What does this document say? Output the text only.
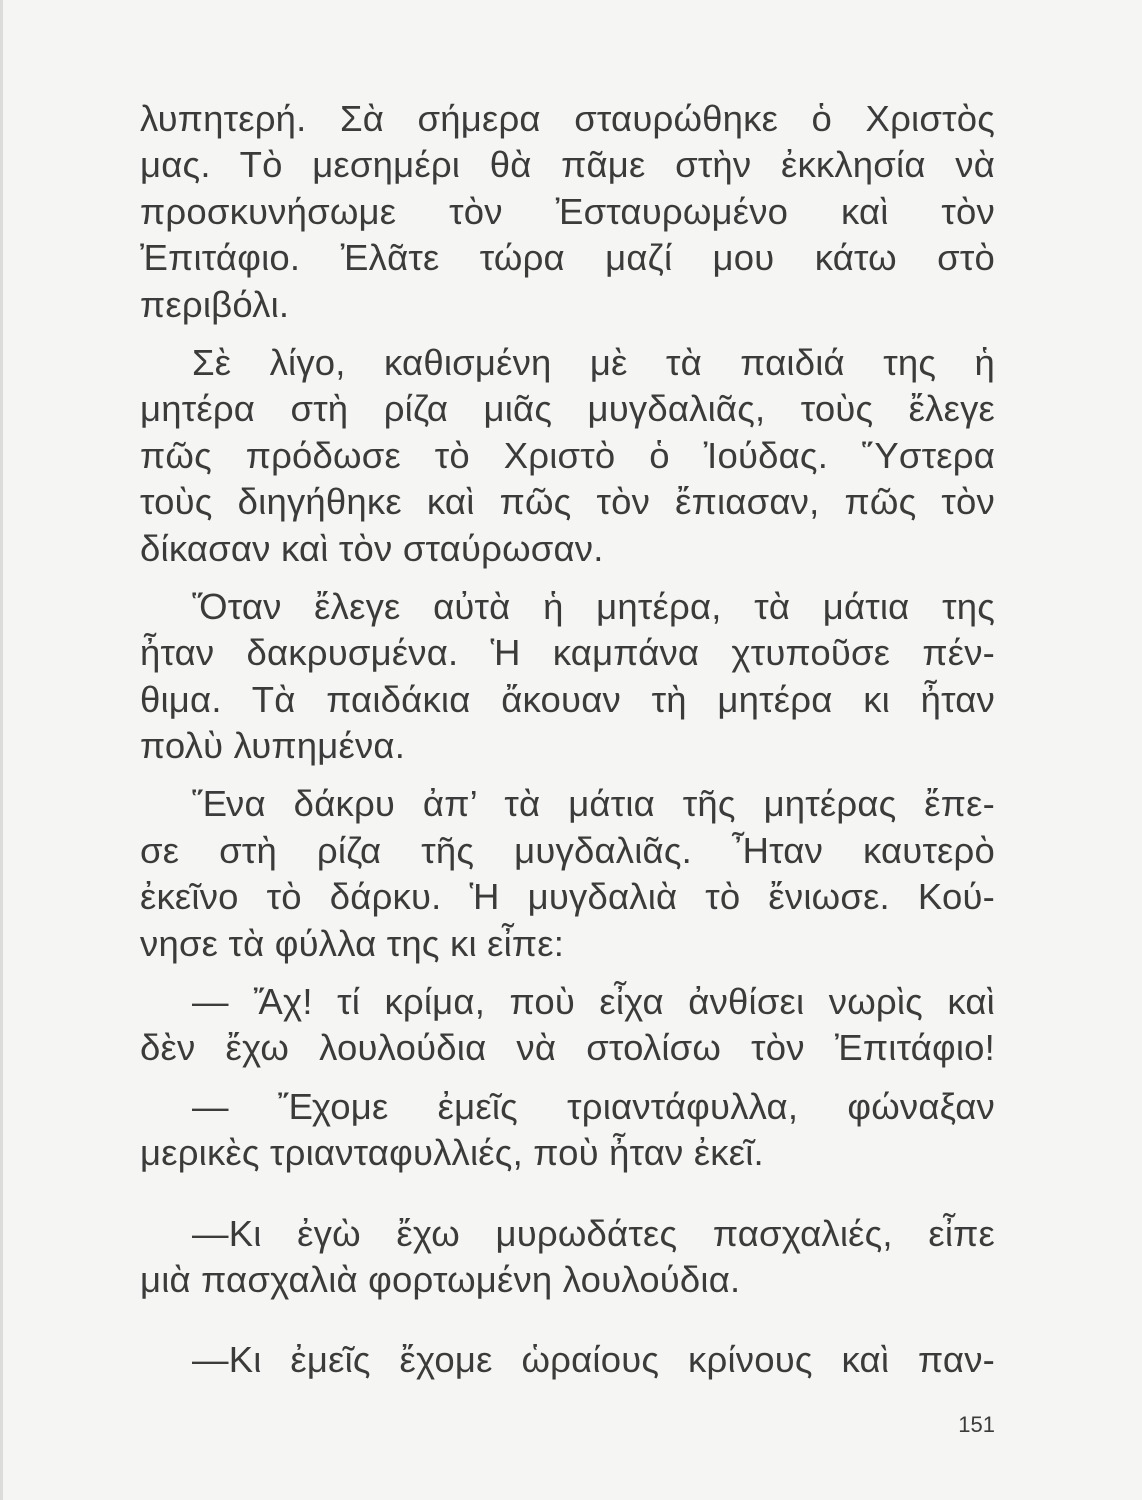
λυπητερή. Σὰ σήμερα σταυρώθηκε ὁ Χριστὸς
μας. Τὸ μεσημέρι θὰ πᾶμε στὴν ἐκκλησία νὰ
προσκυνήσωμε τὸν Ἐσταυρωμένο καὶ τὸν
Ἐπιτάφιο. Ἐλᾶτε τώρα μαζί μου κάτω στὸ
περιβόλι.
Σὲ λίγο, καθισμένη μὲ τὰ παιδιά της ἡ
μητέρα στὴ ρίζα μιᾶς μυγδαλιᾶς, τοὺς ἔλεγε
πῶς πρόδωσε τὸ Χριστὸ ὁ Ἰούδας. Ὕστερα
τοὺς διηγήθηκε καὶ πῶς τὸν ἔπιασαν, πῶς τὸν
δίκασαν καὶ τὸν σταύρωσαν.
Ὅταν ἔλεγε αὐτὰ ἡ μητέρα, τὰ μάτια της
ἦταν δακρυσμένα. Ἡ καμπάνα χτυποῦσε πέν-
θιμα. Τὰ παιδάκια ἄκουαν τὴ μητέρα κι ἦταν
πολὺ λυπημένα.
Ἕνα δάκρυ ἀπ’ τὰ μάτια τῆς μητέρας ἔπε-
σε στὴ ρίζα τῆς μυγδαλιᾶς. Ἦταν καυτερὸ
ἐκεῖνο τὸ δάρκυ. Ἡ μυγδαλιὰ τὸ ἔνιωσε. Κού-
νησε τὰ φύλλα της κι εἶπε:
— Ἄχ! τί κρίμα, ποὺ εἶχα ἀνθίσει νωρὶς καὶ
δὲν ἔχω λουλούδια νὰ στολίσω τὸν Ἐπιτάφιο!
— Ἔχομε ἐμεῖς τριαντάφυλλα, φώναξαν
μερικὲς τριανταφυλλιές, ποὺ ἦταν ἐκεῖ.
—Κι ἐγὼ ἔχω μυρωδάτες πασχαλιές, εἶπε
μιὰ πασχαλιὰ φορτωμένη λουλούδια.
—Κι ἐμεῖς ἔχομε ὡραίους κρίνους καὶ παν-
151
